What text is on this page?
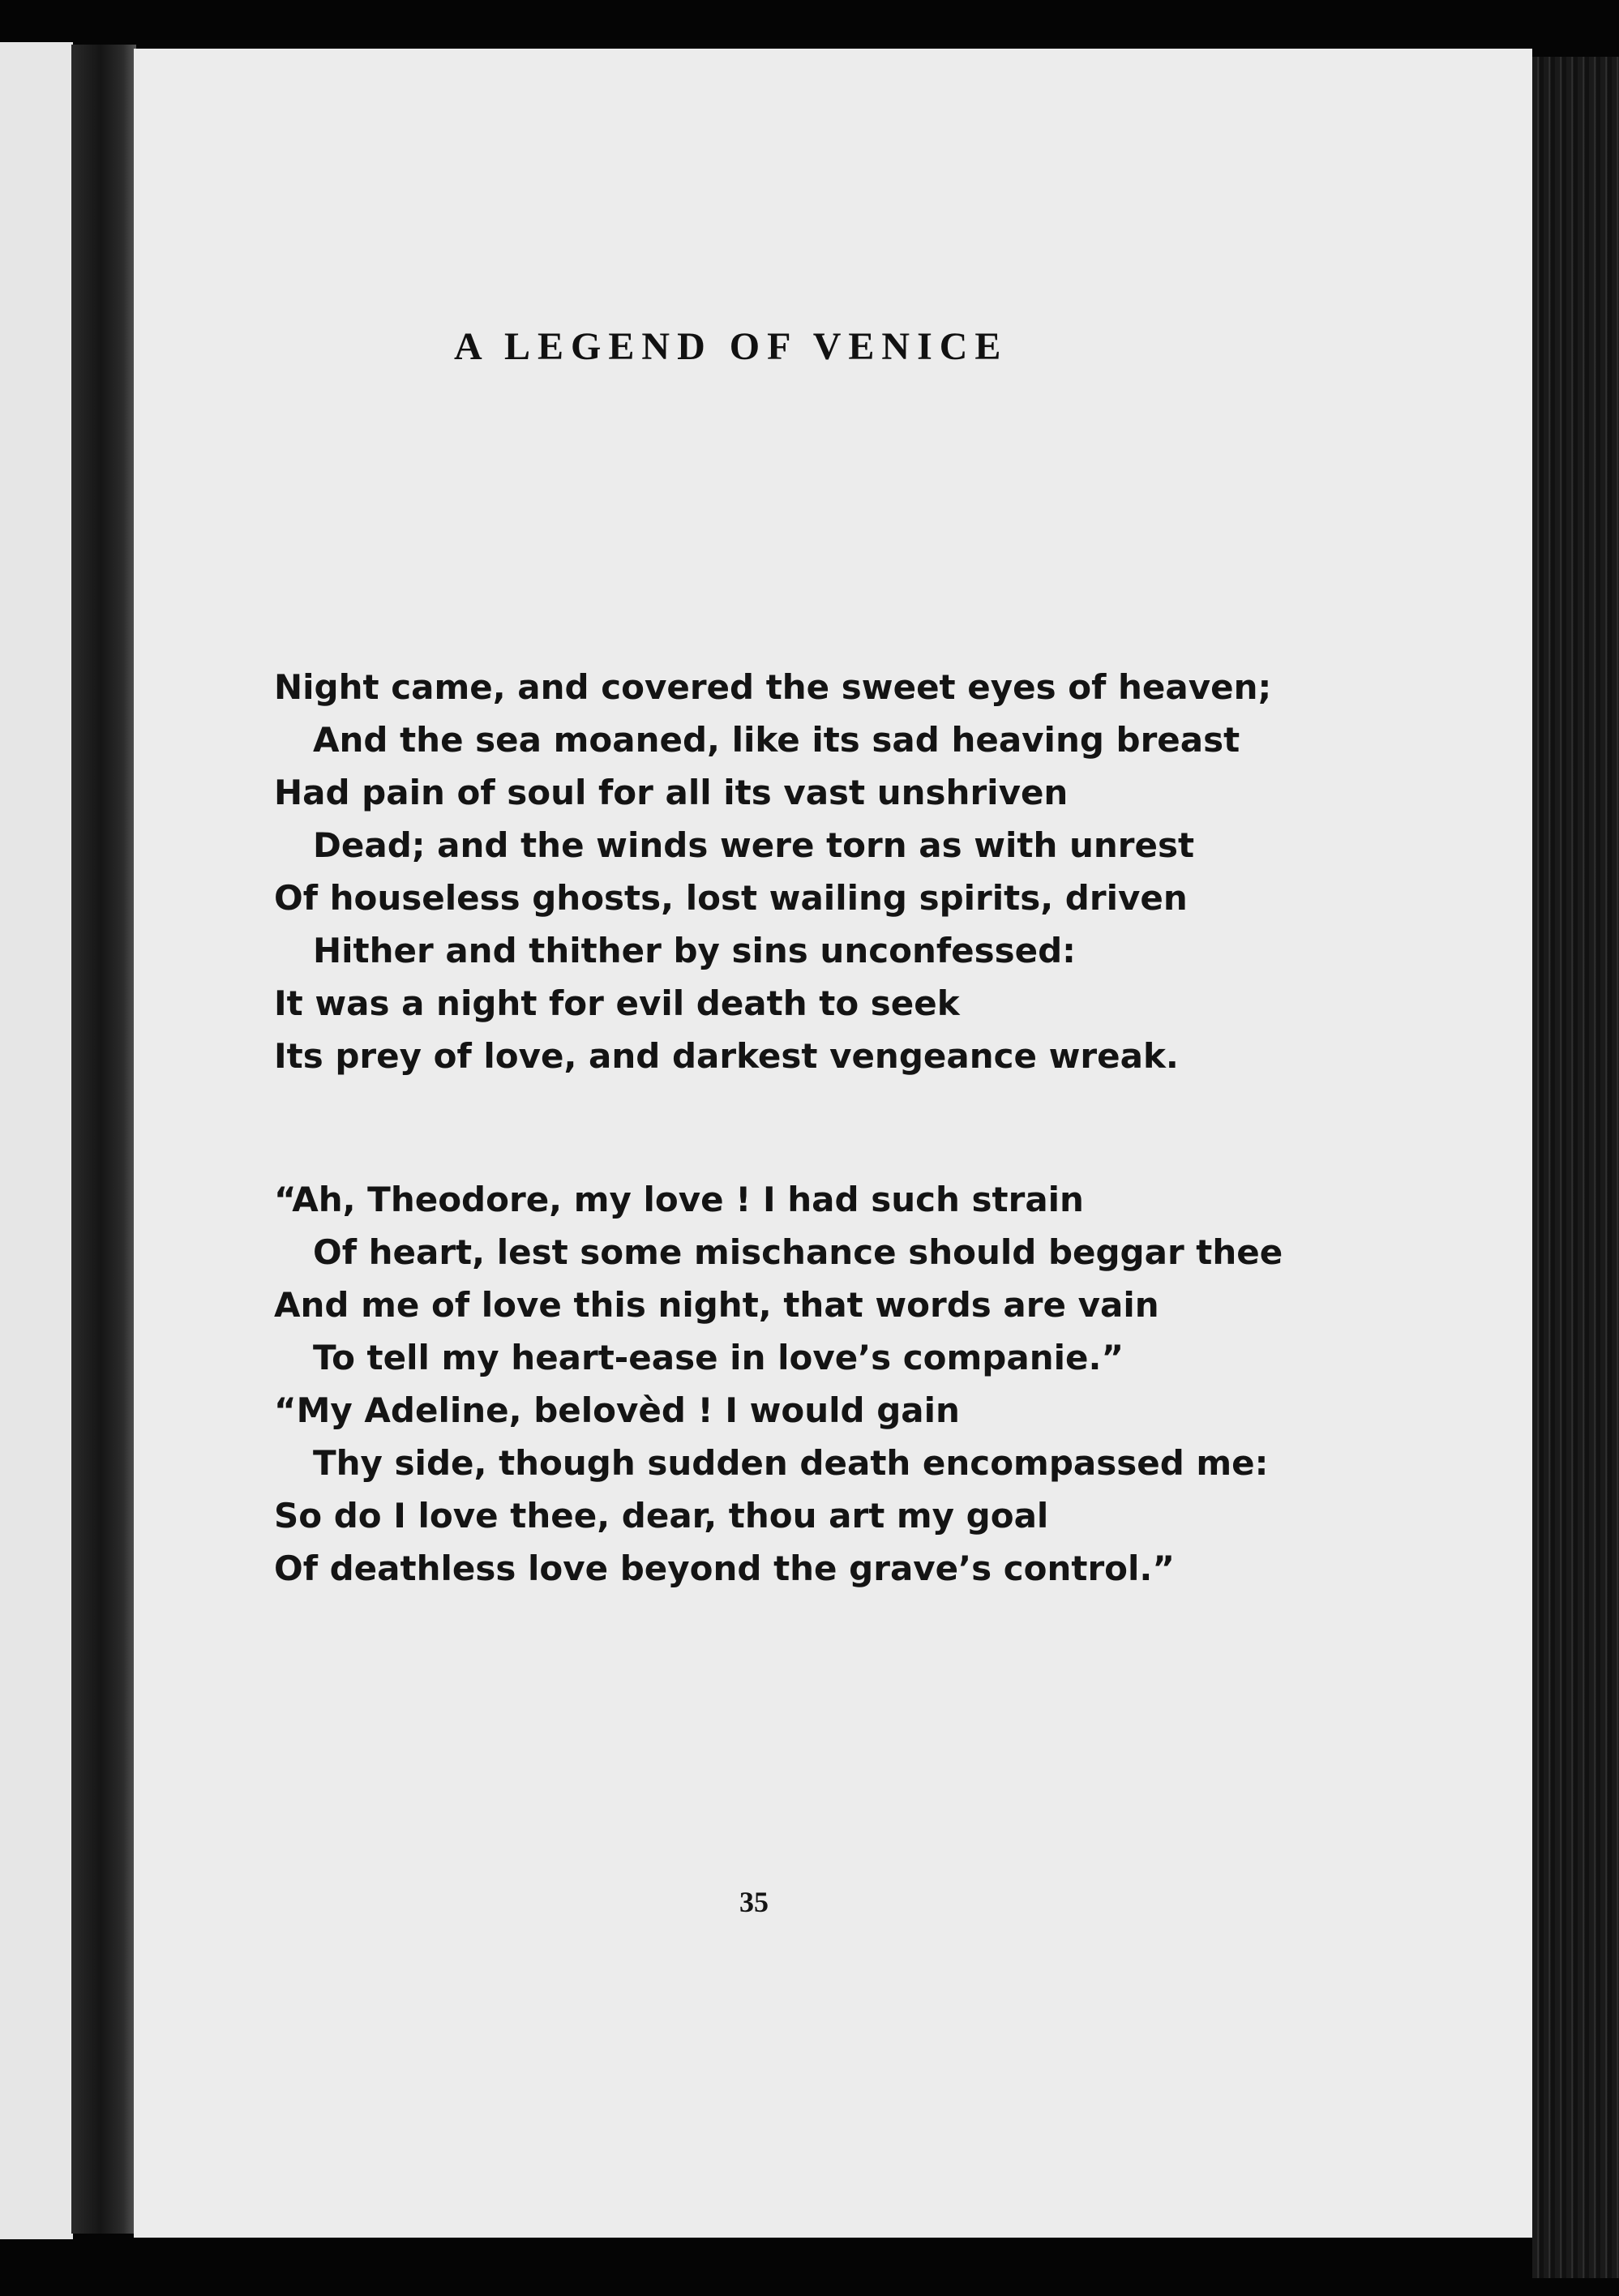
A LEGEND OF VENICE
Night came, and covered the sweet eyes of heaven;
And the sea moaned, like its sad heaving breast
Had pain of soul for all its vast unshriven
Dead; and the winds were torn as with unrest
Of houseless ghosts, lost wailing spirits, driven
Hither and thither by sins unconfessed:
It was a night for evil death to seek
Its prey of love, and darkest vengeance wreak.
“Ah, Theodore, my love ! I had such strain
Of heart, lest some mischance should beggar thee
And me of love this night, that words are vain
To tell my heart-ease in love’s companie.”
“My Adeline, belovèd ! I would gain
Thy side, though sudden death encompassed me:
So do I love thee, dear, thou art my goal
Of deathless love beyond the grave’s control.”

35
